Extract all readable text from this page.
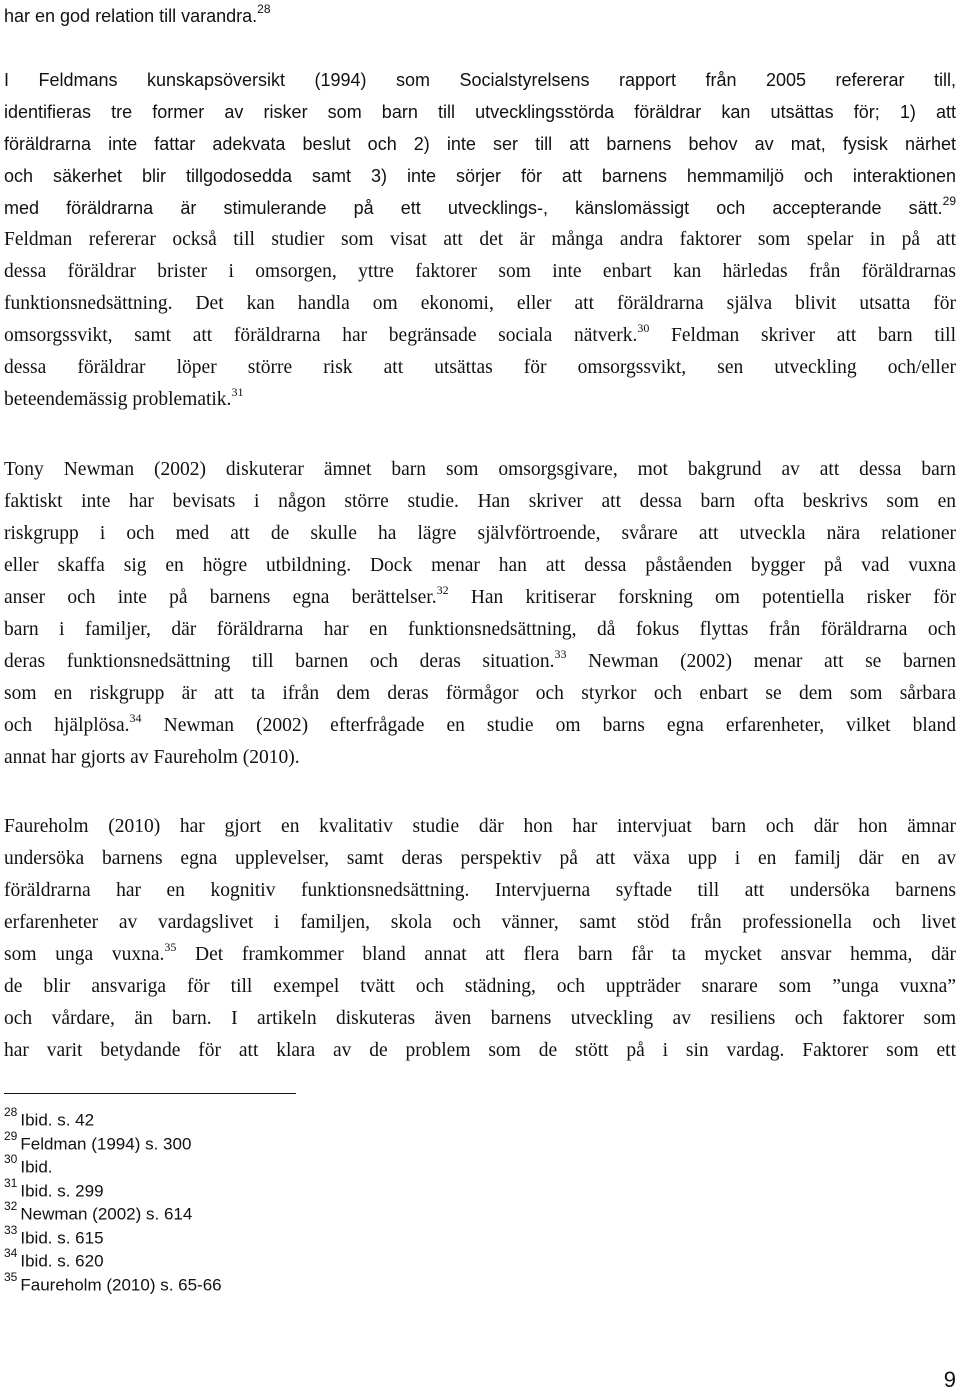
har en god relation till varandra.$^{28}$
I Feldmans kunskapsöversikt (1994) som Socialstyrelsens rapport från 2005 refererar till,
identifieras tre former av risker som barn till utvecklingsstörda föräldrar kan utsättas för; 1) att
föräldrarna inte fattar adekvata beslut och 2) inte ser till att barnens behov av mat, fysisk närhet
och säkerhet blir tillgodosedda samt 3) inte sörjer för att barnens hemmamiljö och interaktionen
med föräldrarna är stimulerande på ett utvecklings-, känslomässigt och accepterande sätt.$^{29}$
Feldman refererar också till studier som visat att det är många andra faktorer som spelar in på att
dessa föräldrar brister i omsorgen, yttre faktorer som inte enbart kan härledas från föräldrarnas
funktionsnedsättning. Det kan handla om ekonomi, eller att föräldrarna själva blivit utsatta för
omsorgssvikt, samt att föräldrarna har begränsade sociala nätverk.$^{30}$ Feldman skriver att barn till
dessa föräldrar löper större risk att utsättas för omsorgssvikt, sen utveckling och/eller
beteendemässig problematik.$^{31}$
Tony Newman (2002) diskuterar ämnet barn som omsorgsgivare, mot bakgrund av att dessa barn
faktiskt inte har bevisats i någon större studie. Han skriver att dessa barn ofta beskrivs som en
riskgrupp i och med att de skulle ha lägre självförtroende, svårare att utveckla nära relationer
eller skaffa sig en högre utbildning. Dock menar han att dessa påståenden bygger på vad vuxna
anser och inte på barnens egna berättelser.$^{32}$ Han kritiserar forskning om potentiella risker för
barn i familjer, där föräldrarna har en funktionsnedsättning, då fokus flyttas från föräldrarna och
deras funktionsnedsättning till barnen och deras situation.$^{33}$ Newman (2002) menar att se barnen
som en riskgrupp är att ta ifrån dem deras förmågor och styrkor och enbart se dem som sårbara
och hjälplösa.$^{34}$ Newman (2002) efterfrågade en studie om barns egna erfarenheter, vilket bland
annat har gjorts av Faureholm (2010).
Faureholm (2010) har gjort en kvalitativ studie där hon har intervjuat barn och där hon ämnar
undersöka barnens egna upplevelser, samt deras perspektiv på att växa upp i en familj där en av
föräldrarna har en kognitiv funktionsnedsättning. Intervjuerna syftade till att undersöka barnens
erfarenheter av vardagslivet i familjen, skola och vänner, samt stöd från professionella och livet
som unga vuxna.$^{35}$ Det framkommer bland annat att flera barn får ta mycket ansvar hemma, där
de blir ansvariga för till exempel tvätt och städning, och uppträder snarare som ”unga vuxna”
och vårdare, än barn. I artikeln diskuteras även barnens utveckling av resiliens och faktorer som
har varit betydande för att klara av de problem som de stött på i sin vardag. Faktorer som ett
$^{28}$ Ibid. s. 42
$^{29}$ Feldman (1994) s. 300
$^{30}$ Ibid.
$^{31}$ Ibid. s. 299
$^{32}$ Newman (2002) s. 614
$^{33}$ Ibid. s. 615
$^{34}$ Ibid. s. 620
$^{35}$ Faureholm (2010) s. 65-66
9
